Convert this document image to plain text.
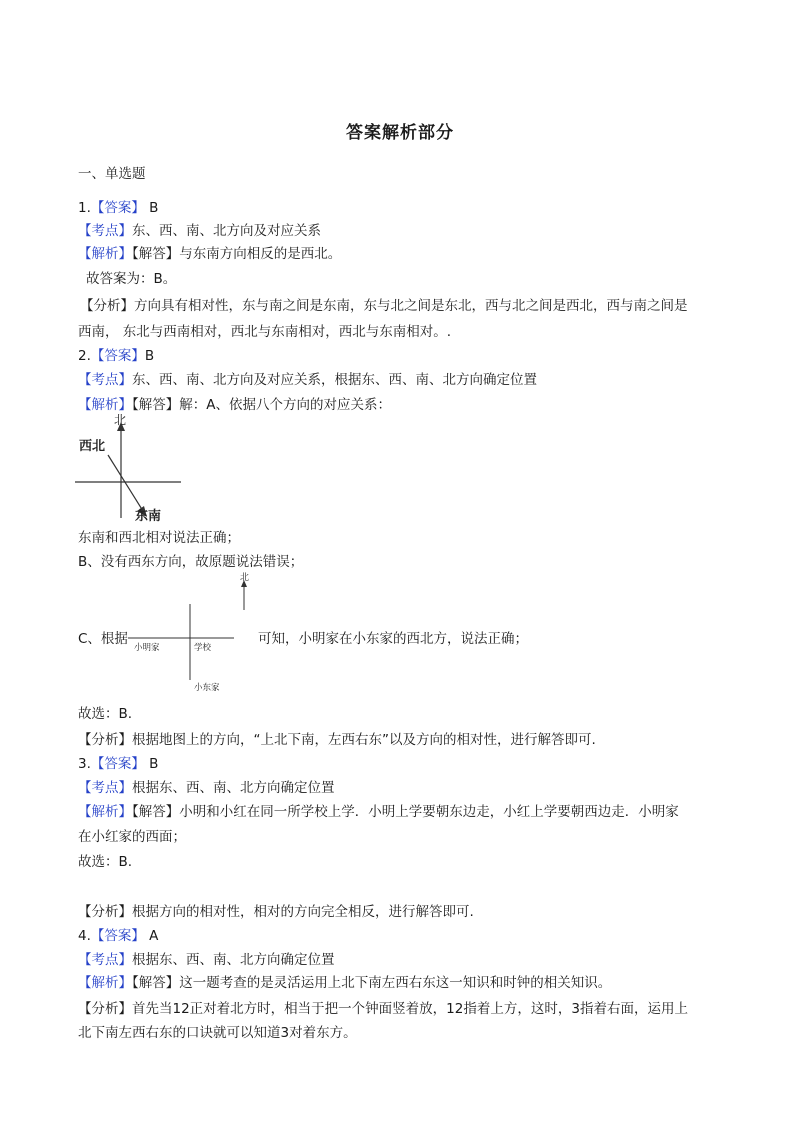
答案解析部分
一、单选题
1.【答案】 B
【考点】东、西、南、北方向及对应关系
【解析】【解答】与东南方向相反的是西北。
故答案为：B。
【分析】方向具有相对性，东与南之间是东南，东与北之间是东北，西与北之间是西北，西与南之间是
西南， 东北与西南相对，西北与东南相对，西北与东南相对。.
2.【答案】B
【考点】东、西、南、北方向及对应关系，根据东、西、南、北方向确定位置
【解析】【解答】解：A、依据八个方向的对应关系：
北
西北
东南
东南和西北相对说法正确；
B、没有西东方向，故原题说法错误；
C、根据
北
小明家	学校
小东家
可知，小明家在小东家的西北方，说法正确；
故选：B.
【分析】根据地图上的方向，“上北下南，左西右东”以及方向的相对性，进行解答即可.
3.【答案】 B
【考点】根据东、西、南、北方向确定位置
【解析】【解答】小明和小红在同一所学校上学．小明上学要朝东边走，小红上学要朝西边走．小明家
在小红家的西面；
故选：B.
【分析】根据方向的相对性，相对的方向完全相反，进行解答即可.
4.【答案】 A
【考点】根据东、西、南、北方向确定位置
【解析】【解答】这一题考查的是灵活运用上北下南左西右东这一知识和时钟的相关知识。
【分析】首先当12正对着北方时，相当于把一个钟面竖着放，12指着上方，这时，3指着右面，运用上
北下南左西右东的口诀就可以知道3对着东方。
